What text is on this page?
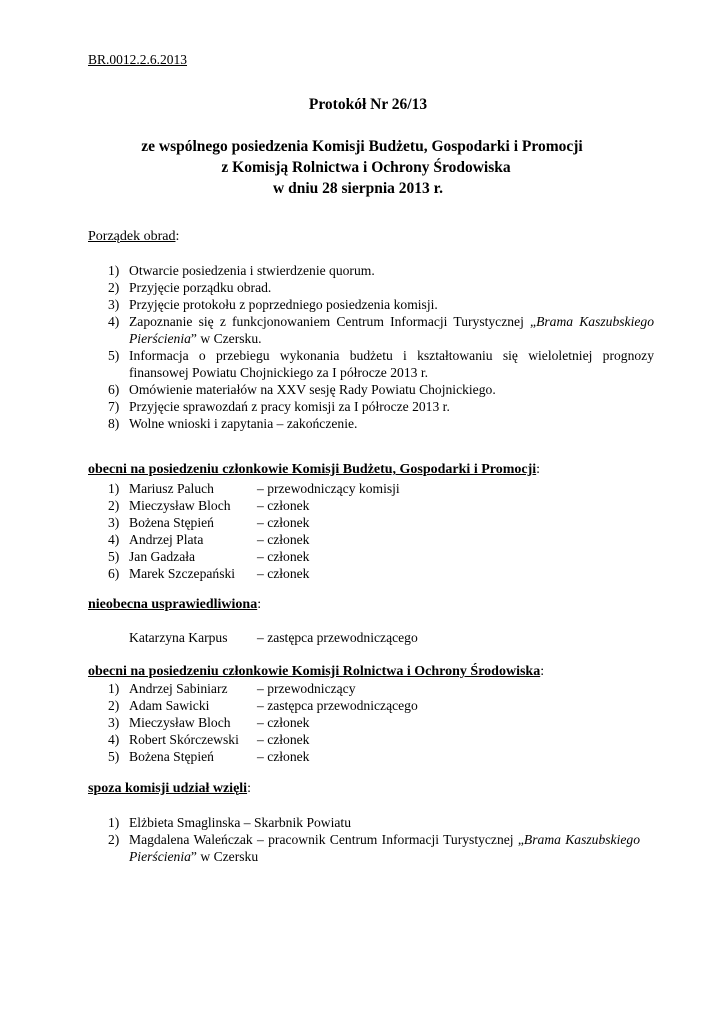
BR.0012.2.6.2013
Protokół Nr 26/13
ze wspólnego posiedzenia Komisji Budżetu, Gospodarki i Promocji
z Komisją Rolnictwa i Ochrony Środowiska
w dniu 28 sierpnia 2013 r.
Porządek obrad:
1) Otwarcie posiedzenia i stwierdzenie quorum.
2) Przyjęcie porządku obrad.
3) Przyjęcie protokołu z poprzedniego posiedzenia komisji.
4) Zapoznanie się z funkcjonowaniem Centrum Informacji Turystycznej „Brama Kaszubskiego Pierścienia” w Czersku.
5) Informacja o przebiegu wykonania budżetu i kształtowaniu się wieloletniej prognozy finansowej Powiatu Chojnickiego za I półrocze 2013 r.
6) Omówienie materiałów na XXV sesję Rady Powiatu Chojnickiego.
7) Przyjęcie sprawozdań z pracy komisji za I półrocze 2013 r.
8) Wolne wnioski i zapytania – zakończenie.
obecni na posiedzeniu członkowie Komisji Budżetu, Gospodarki i Promocji:
1) Mariusz Paluch	– przewodniczący komisji
2) Mieczysław Bloch – członek
3) Bożena Stępień	– członek
4) Andrzej Plata	– członek
5) Jan Gadzała	– członek
6) Marek Szczepański – członek
nieobecna usprawiedliwiona:
Katarzyna Karpus – zastępca przewodniczącego
obecni na posiedzeniu członkowie Komisji Rolnictwa i Ochrony Środowiska:
1) Andrzej Sabiniarz – przewodniczący
2) Adam Sawicki	– zastępca przewodniczącego
3) Mieczysław Bloch – członek
4) Robert Skórczewski – członek
5) Bożena Stępień	– członek
spoza komisji udział wzięli:
1) Elżbieta Smaglinska – Skarbnik Powiatu
2) Magdalena Waleńczak – pracownik Centrum Informacji Turystycznej „Brama Kaszubskiego Pierścienia” w Czersku
